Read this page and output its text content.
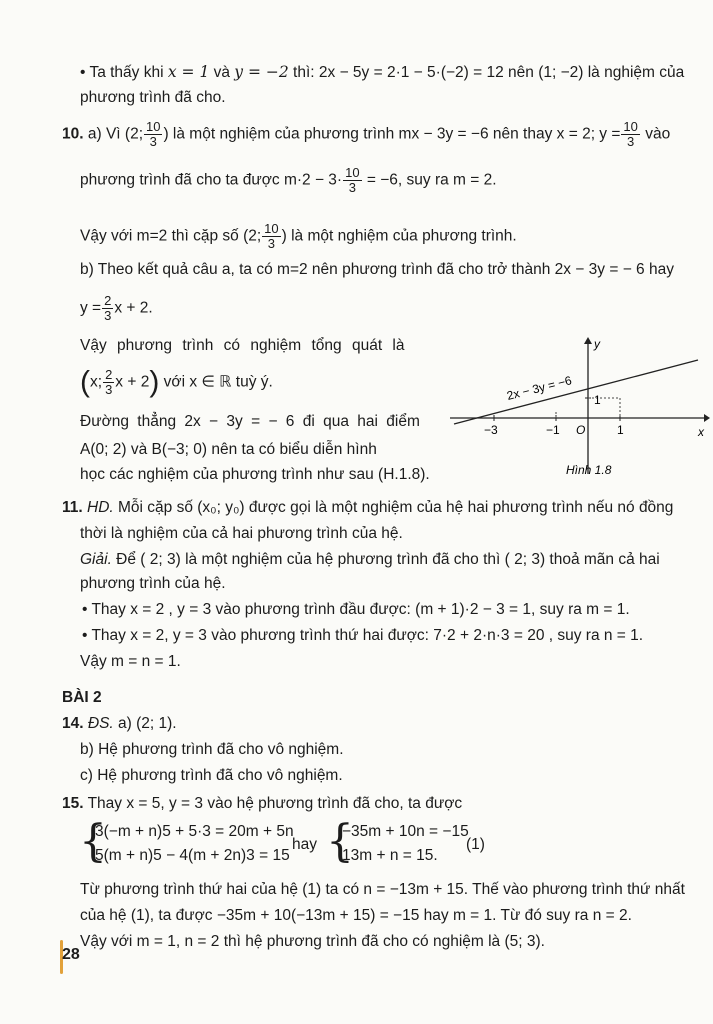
• Ta thấy khi x = 1 và y = −2 thì: 2x − 5y = 2·1 − 5·(−2) = 12 nên (1; −2) là nghiệm của
phương trình đã cho.
10. a) Vì (2; $\frac{10}{3}$ ) là một nghiệm của phương trình mx − 3y = −6 nên thay x = 2; $y = \frac{10}{3}$ vào
phương trình đã cho ta được $m\cdot 2 - 3\cdot \frac{10}{3} = -6$, suy ra m = 2.
Vậy với m=2 thì cặp số (2; $\frac{10}{3}$ ) là một nghiệm của phương trình.
b) Theo kết quả câu a, ta có m=2 nên phương trình đã cho trở thành 2x − 3y = − 6 hay
$y = \frac{2}{3}$ x + 2.
Vậy phương trình có nghiệm tổng quát là
(x; $\frac{2}{3}$ x + 2) với x ∈ ℝ tuỳ ý.
Đường thẳng 2x − 3y = − 6 đi qua hai điểm
A(0; 2) và B(−3; 0) nên ta có biểu diễn hình
học các nghiệm của phương trình như sau (H.1.8).
2x − 3y = −6
y
x
−3	−1 O	1
1
Hình 1.8
11. HD. Mỗi cặp số (x₀; y₀) được gọi là một nghiệm của hệ hai phương trình nếu nó đồng
thời là nghiệm của cả hai phương trình của hệ.
Giải. Để ( 2; 3) là một nghiệm của hệ phương trình đã cho thì ( 2; 3) thoả mãn cả hai
phương trình của hệ.
• Thay x = 2 , y = 3 vào phương trình đầu được: (m + 1)·2 − 3 = 1, suy ra m = 1.
• Thay x = 2, y = 3 vào phương trình thứ hai được: 7·2 + 2·n·3 = 20 , suy ra n = 1.
Vậy m = n = 1.
BÀI 2
14. ĐS. a) (2; 1).
b) Hệ phương trình đã cho vô nghiệm.
c) Hệ phương trình đã cho vô nghiệm.
15. Thay x = 5, y = 3 vào hệ phương trình đã cho, ta được
{
3(−m + n)5 + 5·3 = 20m + 5n
5(m + n)5 − 4(m + 2n)3 = 15
hay {
−35m + 10n = −15
13m + n = 15.
(1)
Từ phương trình thứ hai của hệ (1) ta có n = −13m + 15. Thế vào phương trình thứ nhất
của hệ (1), ta được −35m + 10(−13m + 15) = −15 hay m = 1. Từ đó suy ra n = 2.
Vậy với m = 1, n = 2 thì hệ phương trình đã cho có nghiệm là (5; 3).
28
